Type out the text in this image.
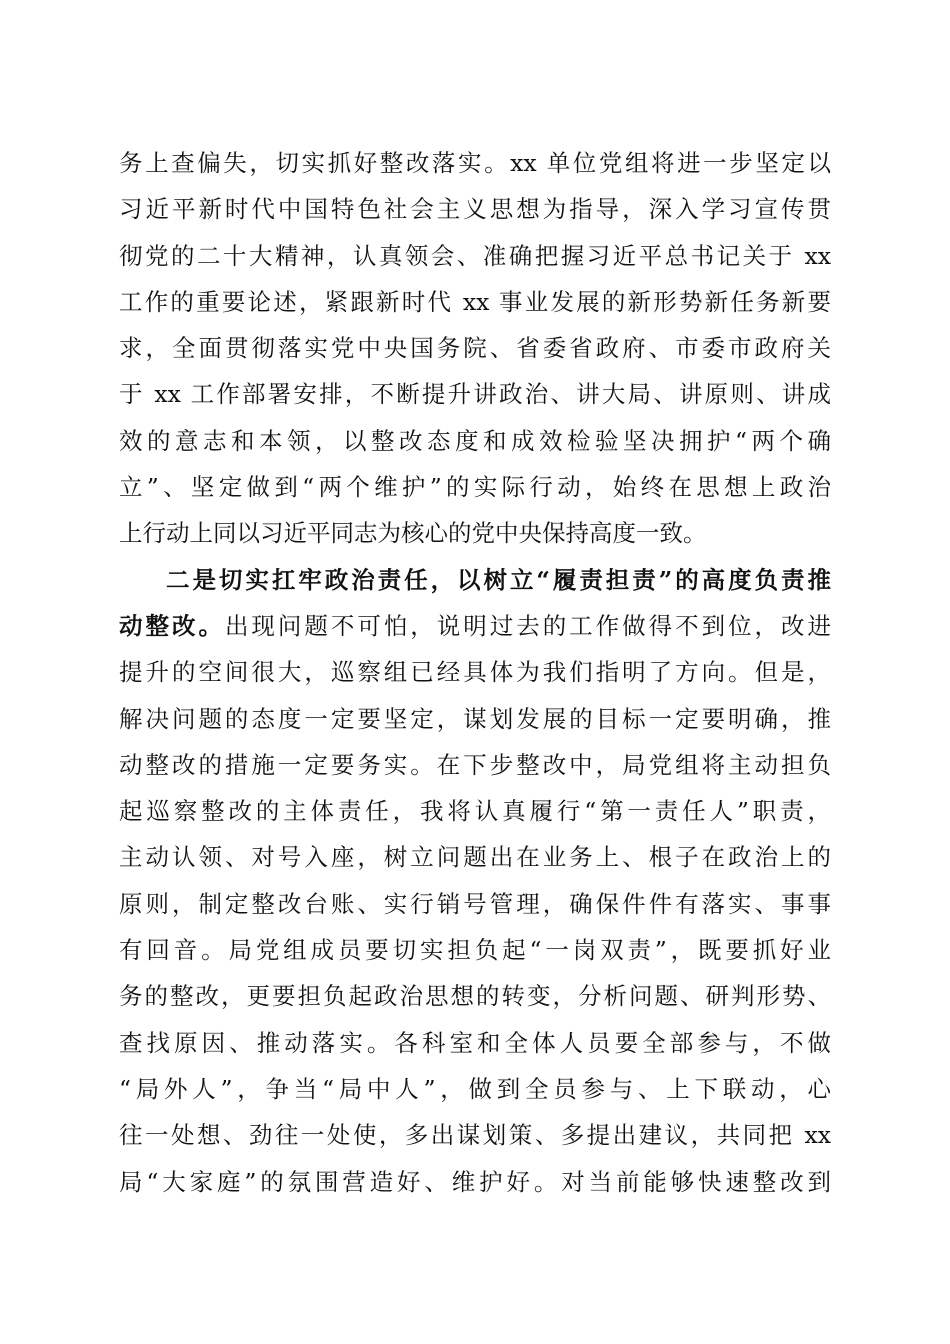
务上查偏失，切实抓好整改落实。xx 单位党组将进一步坚定以
习近平新时代中国特色社会主义思想为指导，深入学习宣传贯
彻党的二十大精神，认真领会、准确把握习近平总书记关于 xx
工作的重要论述，紧跟新时代 xx 事业发展的新形势新任务新要
求，全面贯彻落实党中央国务院、省委省政府、市委市政府关
于 xx 工作部署安排，不断提升讲政治、讲大局、讲原则、讲成
效的意志和本领，以整改态度和成效检验坚决拥护“两个确
立”、坚定做到“两个维护”的实际行动，始终在思想上政治
上行动上同以习近平同志为核心的党中央保持高度一致。
二是切实扛牢政治责任，以树立“履责担责”的高度负责推
动整改。出现问题不可怕，说明过去的工作做得不到位，改进
提升的空间很大，巡察组已经具体为我们指明了方向。但是，
解决问题的态度一定要坚定，谋划发展的目标一定要明确，推
动整改的措施一定要务实。在下步整改中，局党组将主动担负
起巡察整改的主体责任，我将认真履行“第一责任人”职责，
主动认领、对号入座，树立问题出在业务上、根子在政治上的
原则，制定整改台账、实行销号管理，确保件件有落实、事事
有回音。局党组成员要切实担负起“一岗双责”，既要抓好业
务的整改，更要担负起政治思想的转变，分析问题、研判形势、
查找原因、推动落实。各科室和全体人员要全部参与，不做
“局外人”，争当“局中人”，做到全员参与、上下联动，心
往一处想、劲往一处使，多出谋划策、多提出建议，共同把 xx
局“大家庭”的氛围营造好、维护好。对当前能够快速整改到
